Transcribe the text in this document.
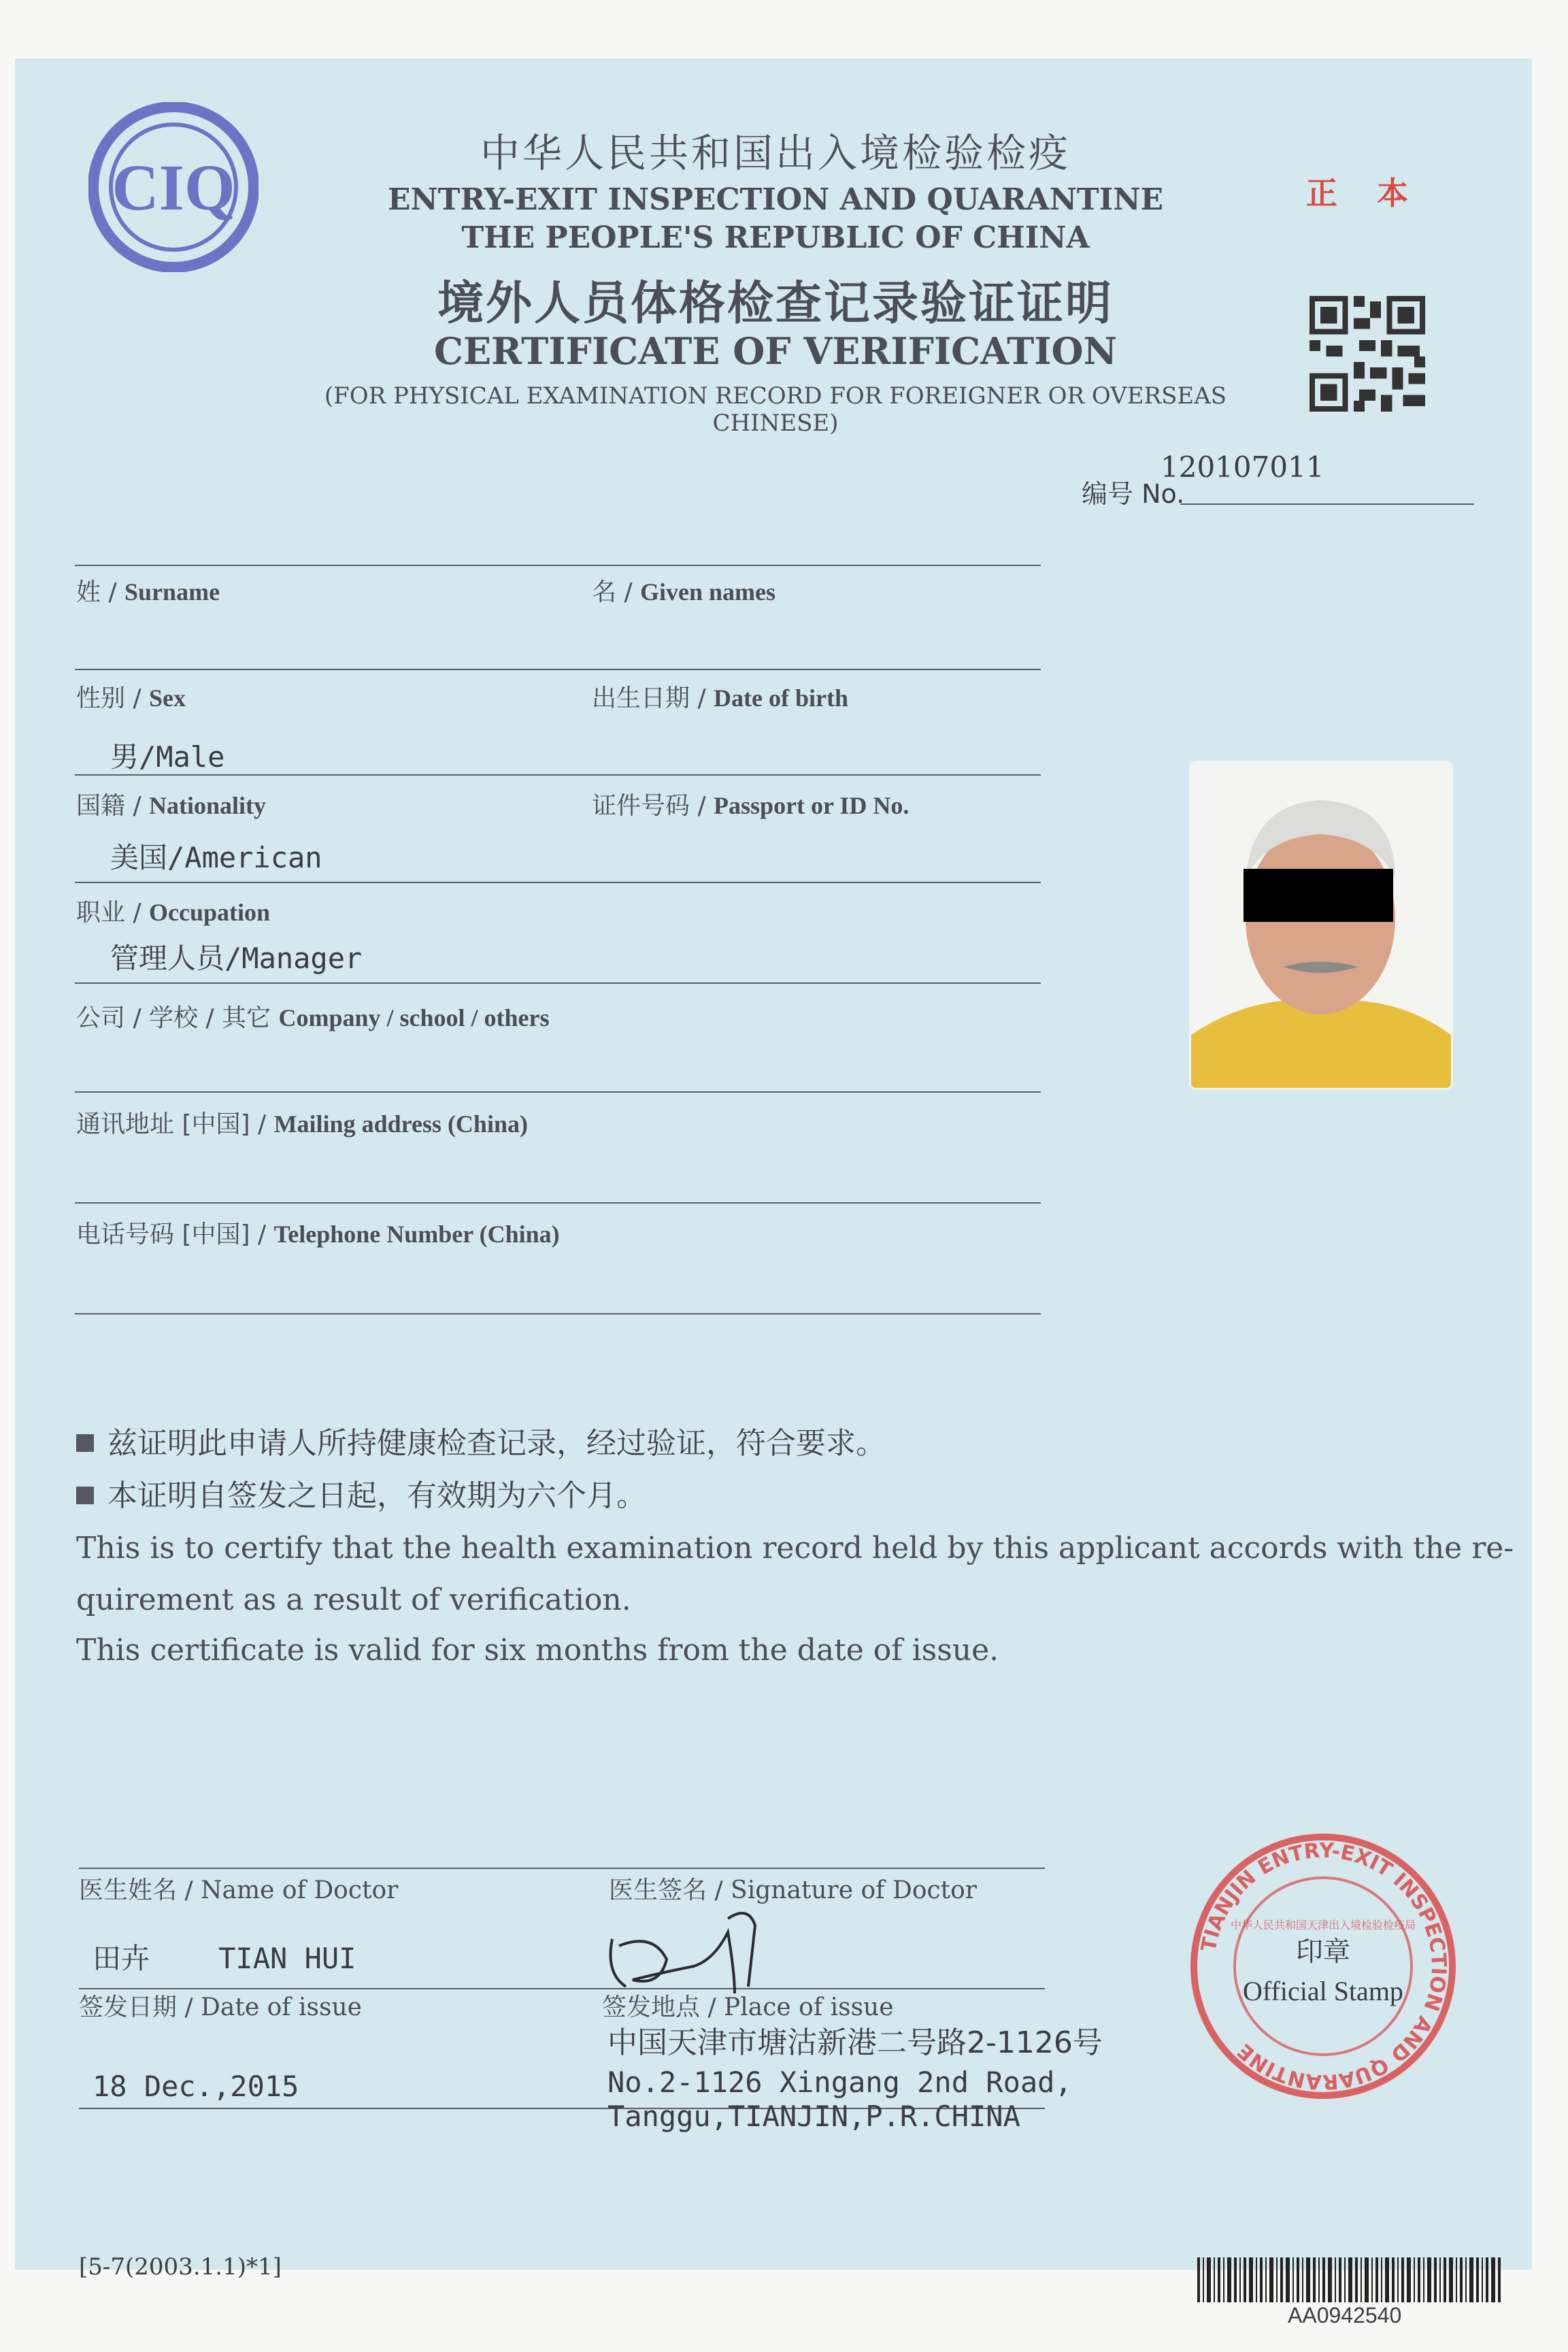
CIQ	中华人民共和国出入境检验检疫
ENTRY-EXIT INSPECTION AND QUARANTINE
THE PEOPLE'S REPUBLIC OF CHINA
境外人员体格检查记录验证证明
CERTIFICATE OF VERIFICATION
(FOR PHYSICAL EXAMINATION RECORD FOR FOREIGNER OR OVERSEAS CHINESE)
正本
编号 No.
120107011
姓 / Surname	名 / Given names
性别 / Sex	出生日期 / Date of birth
男/Male
国籍 / Nationality	证件号码 / Passport or ID No.
美国/American
职业 / Occupation
管理人员/Manager
公司 / 学校 / 其它 Company / school / others
通讯地址 [中国] / Mailing address (China)
电话号码 [中国] / Telephone Number (China)
兹证明此申请人所持健康检查记录，经过验证，符合要求。
本证明自签发之日起，有效期为六个月。
This is to certify that the health examination record held by this applicant accords with the re-
quirement as a result of verification.
This certificate is valid for six months from the date of issue.
医生姓名 / Name of Doctor	医生签名 / Signature of Doctor
田卉    TIAN HUI
签发日期 / Date of issue	签发地点 / Place of issue
18 Dec.,2015
中国天津市塘沽新港二号路2-1126号
No.2-1126 Xingang 2nd Road,
Tanggu,TIANJIN,P.R.CHINA
TIANJIN ENTRY-EXIT INSPECTION AND QUARANTINE
中华人民共和国天津出入境检验检疫局
印章
Official Stamp
[5-7(2003.1.1)*1]
AA0942540
